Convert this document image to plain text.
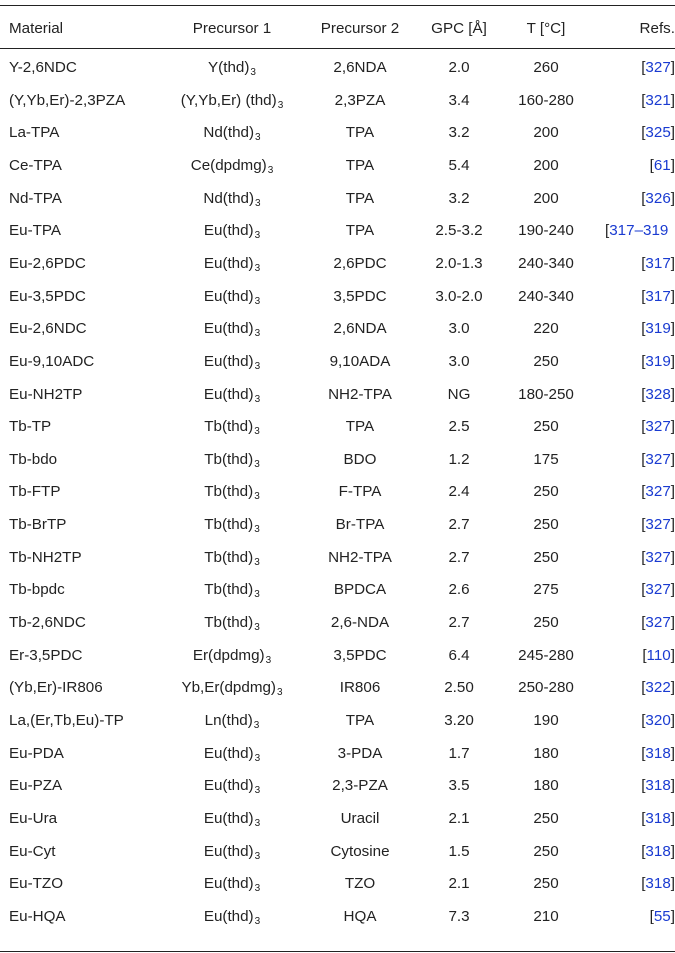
Material	Precursor 1	Precursor 2	GPC [Å]	T [°C]	Refs.
Y-2,6NDC	$Y(thd)_3$	2,6NDA	2.0	260	[327]
(Y,Yb,Er)-2,3PZA	(Y,Yb,Er) $(thd)_3$	2,3PZA	3.4	160-280	[321]
La-TPA	$Nd(thd)_3$	TPA	3.2	200	[325]
Ce-TPA	$Ce(dpdmg)_3$	TPA	5.4	200	[61]
Nd-TPA	$Nd(thd)_3$	TPA	3.2	200	[326]
Eu-TPA	$Eu(thd)_3$	TPA	2.5-3.2	190-240	[317–319
Eu-2,6PDC	$Eu(thd)_3$	2,6PDC	2.0-1.3	240-340	[317]
Eu-3,5PDC	$Eu(thd)_3$	3,5PDC	3.0-2.0	240-340	[317]
Eu-2,6NDC	$Eu(thd)_3$	2,6NDA	3.0	220	[319]
Eu-9,10ADC	$Eu(thd)_3$	9,10ADA	3.0	250	[319]
Eu-NH2TP	$Eu(thd)_3$	NH2-TPA	NG	180-250	[328]
Tb-TP	$Tb(thd)_3$	TPA	2.5	250	[327]
Tb-bdo	$Tb(thd)_3$	BDO	1.2	175	[327]
Tb-FTP	$Tb(thd)_3$	F-TPA	2.4	250	[327]
Tb-BrTP	$Tb(thd)_3$	Br-TPA	2.7	250	[327]
Tb-NH2TP	$Tb(thd)_3$	NH2-TPA	2.7	250	[327]
Tb-bpdc	$Tb(thd)_3$	BPDCA	2.6	275	[327]
Tb-2,6NDC	$Tb(thd)_3$	2,6-NDA	2.7	250	[327]
Er-3,5PDC	$Er(dpdmg)_3$	3,5PDC	6.4	245-280	[110]
(Yb,Er)-IR806	$Yb,Er(dpdmg)_3$	IR806	2.50	250-280	[322]
La,(Er,Tb,Eu)-TP	$Ln(thd)_3$	TPA	3.20	190	[320]
Eu-PDA	$Eu(thd)_3$	3-PDA	1.7	180	[318]
Eu-PZA	$Eu(thd)_3$	2,3-PZA	3.5	180	[318]
Eu-Ura	$Eu(thd)_3$	Uracil	2.1	250	[318]
Eu-Cyt	$Eu(thd)_3$	Cytosine	1.5	250	[318]
Eu-TZO	$Eu(thd)_3$	TZO	2.1	250	[318]
Eu-HQA	$Eu(thd)_3$	HQA	7.3	210	[55]
